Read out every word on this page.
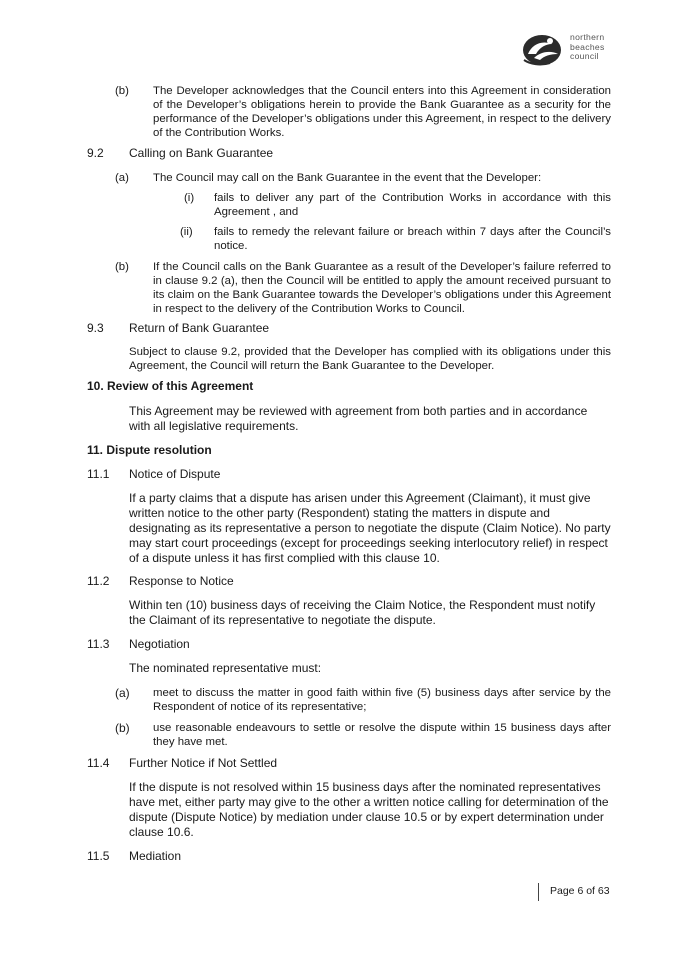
northern
beaches
council
(b) The Developer acknowledges that the Council enters into this Agreement in consideration of the Developer’s obligations herein to provide the Bank Guarantee as a security for the performance of the Developer’s obligations under this Agreement, in respect to the delivery of the Contribution Works.
9.2 Calling on Bank Guarantee
(a) The Council may call on the Bank Guarantee in the event that the Developer:
(i) fails to deliver any part of the Contribution Works in accordance with this Agreement , and
(ii) fails to remedy the relevant failure or breach within 7 days after the Council’s notice.
(b) If the Council calls on the Bank Guarantee as a result of the Developer’s failure referred to in clause 9.2 (a), then the Council will be entitled to apply the amount received pursuant to its claim on the Bank Guarantee towards the Developer’s obligations under this Agreement in respect to the delivery of the Contribution Works to Council.
9.3 Return of Bank Guarantee
Subject to clause 9.2, provided that the Developer has complied with its obligations under this Agreement, the Council will return the Bank Guarantee to the Developer.
10. Review of this Agreement
This Agreement may be reviewed with agreement from both parties and in accordance with all legislative requirements.
11. Dispute resolution
11.1 Notice of Dispute
If a party claims that a dispute has arisen under this Agreement (Claimant), it must give written notice to the other party (Respondent) stating the matters in dispute and designating as its representative a person to negotiate the dispute (Claim Notice). No party may start court proceedings (except for proceedings seeking interlocutory relief) in respect of a dispute unless it has first complied with this clause 10.
11.2 Response to Notice
Within ten (10) business days of receiving the Claim Notice, the Respondent must notify the Claimant of its representative to negotiate the dispute.
11.3 Negotiation
The nominated representative must:
(a) meet to discuss the matter in good faith within five (5) business days after service by the Respondent of notice of its representative;
(b) use reasonable endeavours to settle or resolve the dispute within 15 business days after they have met.
11.4 Further Notice if Not Settled
If the dispute is not resolved within 15 business days after the nominated representatives have met, either party may give to the other a written notice calling for determination of the dispute (Dispute Notice) by mediation under clause 10.5 or by expert determination under clause 10.6.
11.5 Mediation
Page 6 of 63
